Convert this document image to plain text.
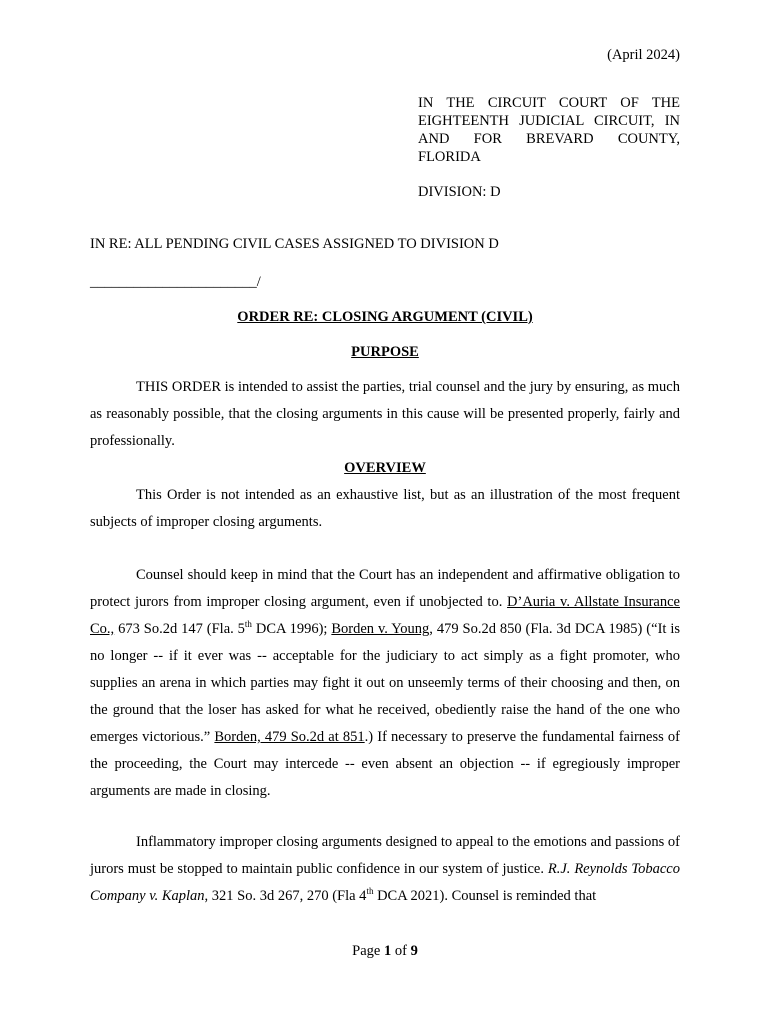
(April 2024)
IN THE CIRCUIT COURT OF THE EIGHTEENTH JUDICIAL CIRCUIT, IN AND FOR BREVARD COUNTY, FLORIDA
DIVISION: D
IN RE: ALL PENDING CIVIL CASES ASSIGNED TO DIVISION D
_______________________/
ORDER RE: CLOSING ARGUMENT (CIVIL)
PURPOSE
THIS ORDER is intended to assist the parties, trial counsel and the jury by ensuring, as much as reasonably possible, that the closing arguments in this cause will be presented properly, fairly and professionally.
OVERVIEW
This Order is not intended as an exhaustive list, but as an illustration of the most frequent subjects of improper closing arguments.
Counsel should keep in mind that the Court has an independent and affirmative obligation to protect jurors from improper closing argument, even if unobjected to. D’Auria v. Allstate Insurance Co., 673 So.2d 147 (Fla. 5th DCA 1996); Borden v. Young, 479 So.2d 850 (Fla. 3d DCA 1985) (“It is no longer -- if it ever was -- acceptable for the judiciary to act simply as a fight promoter, who supplies an arena in which parties may fight it out on unseemly terms of their choosing and then, on the ground that the loser has asked for what he received, obediently raise the hand of the one who emerges victorious.” Borden, 479 So.2d at 851.) If necessary to preserve the fundamental fairness of the proceeding, the Court may intercede -- even absent an objection -- if egregiously improper arguments are made in closing.
Inflammatory improper closing arguments designed to appeal to the emotions and passions of jurors must be stopped to maintain public confidence in our system of justice. R.J. Reynolds Tobacco Company v. Kaplan, 321 So. 3d 267, 270 (Fla 4th DCA 2021). Counsel is reminded that
Page 1 of 9
